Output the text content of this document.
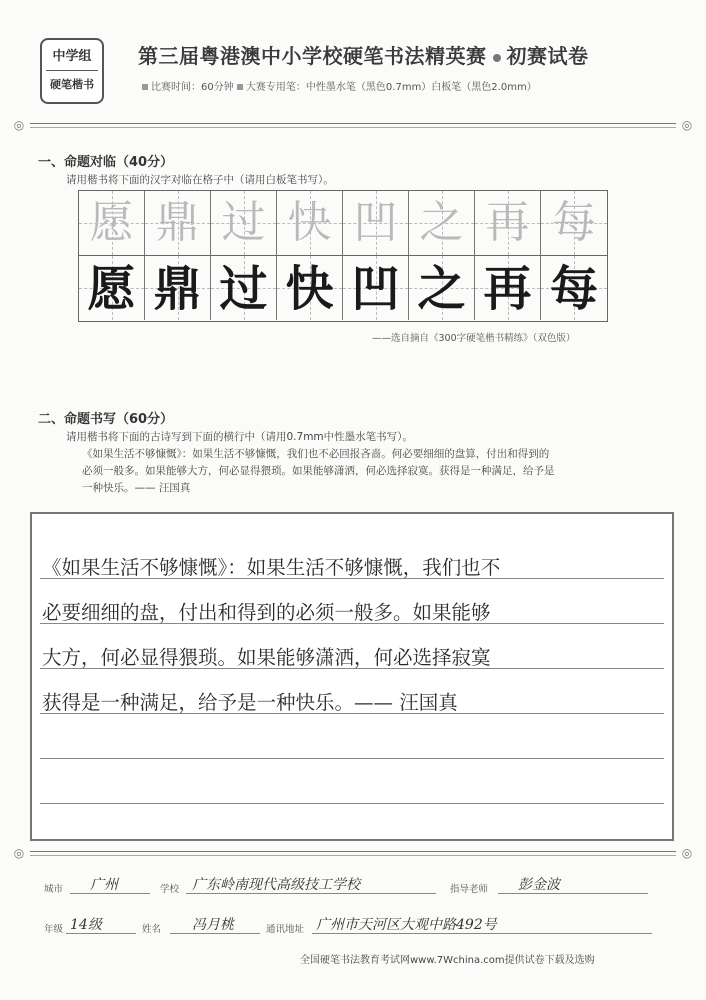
中学组
硬笔楷书
第三届粤港澳中小学校硬笔书法精英赛 初赛试卷
比赛时间：60分钟 大赛专用笔：中性墨水笔（黑色0.7mm）白板笔（黑色2.0mm）
◎	◎
一、命题对临（40分）
请用楷书将下面的汉字对临在格子中（请用白板笔书写）。
愿 鼎 过 快 凹 之 再 每
愿 鼎 过 快 凹 之 再 每
——选自摘自《300字硬笔楷书精练》（双色版）
二、命题书写（60分）
请用楷书将下面的古诗写到下面的横行中（请用0.7mm中性墨水笔书写）。
《如果生活不够慷慨》：如果生活不够慷慨，我们也不必回报吝啬。何必要细细的盘算，付出和得到的
必须一般多。如果能够大方，何必显得猥琐。如果能够潇洒，何必选择寂寞。获得是一种满足，给予是
一种快乐。—— 汪国真
《如果生活不够慷慨》：如果生活不够慷慨，我们也不
必要细细的盘，付出和得到的必须一般多。如果能够
大方，何必显得猥琐。如果能够潇洒，何必选择寂寞
获得是一种满足，给予是一种快乐。—— 汪国真
◎	◎
城市 广州	学校 广东岭南现代高级技工学校	指导老师 彭金波
年级 14级	姓名 冯月桃	通讯地址 广州市天河区大观中路492号
全国硬笔书法教育考试网www.7Wchina.com提供试卷下载及选购
